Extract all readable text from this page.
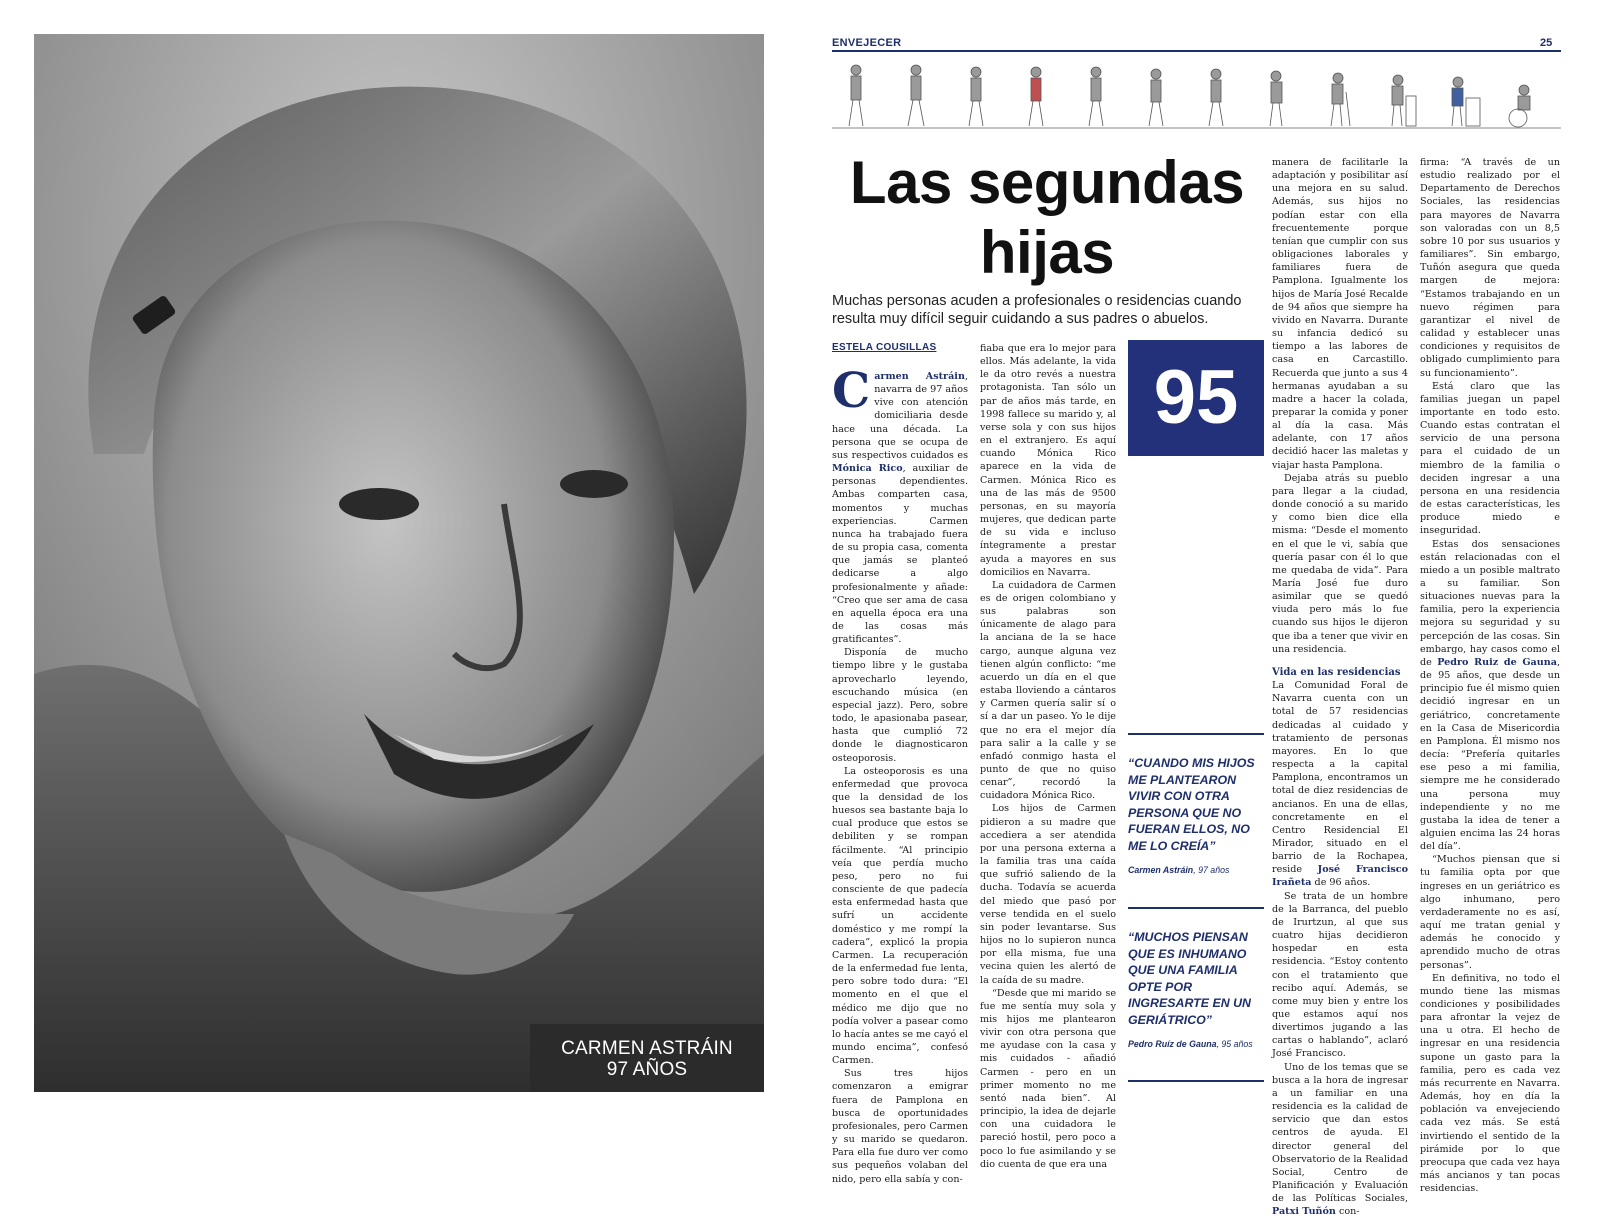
CARMEN ASTRÁIN
97 AÑOS
ENVEJECER	25
Las segundas hijas

Muchas personas acuden a profesionales o residencias cuando resulta muy difícil seguir cuidando a sus padres o abuelos.

ESTELA COUSILLAS

Carmen Astráin, navarra de 97 años vive con atención domiciliaria desde hace una década. La persona que se ocupa de sus respectivos cuidados es Mónica Rico, auxiliar de personas dependientes. Ambas comparten casa, momentos y muchas experiencias. Carmen nunca ha trabajado fuera de su propia casa, comenta que jamás se planteó dedicarse a algo profesionalmente y añade: “Creo que ser ama de casa en aquella época era una de las cosas más gratificantes”.

Disponía de mucho tiempo libre y le gustaba aprovecharlo leyendo, escuchando música (en especial jazz). Pero, sobre todo, le apasionaba pasear, hasta que cumplió 72 donde le diagnosticaron osteoporosis.

La osteoporosis es una enfermedad que provoca que la densidad de los huesos sea bastante baja lo cual produce que estos se debiliten y se rompan fácilmente. “Al principio veía que perdía mucho peso, pero no fui consciente de que padecía esta enfermedad hasta que sufrí un accidente doméstico y me rompí la cadera”, explicó la propia Carmen. La recuperación de la enfermedad fue lenta, pero sobre todo dura: “El momento en el que el médico me dijo que no podía volver a pasear como lo hacía antes se me cayó el mundo encima”, confesó Carmen.

Sus tres hijos comenzaron a emigrar fuera de Pamplona en busca de oportunidades profesionales, pero Carmen y su marido se quedaron. Para ella fue duro ver como sus pequeños volaban del nido, pero ella sabía y con-

fiaba que era lo mejor para ellos. Más adelante, la vida le da otro revés a nuestra protagonista. Tan sólo un par de años más tarde, en 1998 fallece su marido y, al verse sola y con sus hijos en el extranjero. Es aquí cuando Mónica Rico aparece en la vida de Carmen. Mónica Rico es una de las más de 9500 personas, en su mayoría mujeres, que dedican parte de su vida e incluso íntegramente a prestar ayuda a mayores en sus domicilios en Navarra.

La cuidadora de Carmen es de origen colombiano y sus palabras son únicamente de alago para la anciana de la se hace cargo, aunque alguna vez tienen algún conflicto: “me acuerdo un día en el que estaba lloviendo a cántaros y Carmen quería salir sí o sí a dar un paseo. Yo le dije que no era el mejor día para salir a la calle y se enfadó conmigo hasta el punto de que no quiso cenar”, recordó la cuidadora Mónica Rico.

Los hijos de Carmen pidieron a su madre que accediera a ser atendida por una persona externa a la familia tras una caída que sufrió saliendo de la ducha. Todavía se acuerda del miedo que pasó por verse tendida en el suelo sin poder levantarse. Sus hijos no lo supieron nunca por ella misma, fue una vecina quien les alertó de la caída de su madre.

“Desde que mi marido se fue me sentía muy sola y mis hijos me plantearon vivir con otra persona que me ayudase con la casa y mis cuidados - añadió Carmen - pero en un primer momento no me sentó nada bien”. Al principio, la idea de dejarle con una cuidadora le pareció hostil, pero poco a poco lo fue asimilando y se dio cuenta de que era una

95
“CUANDO MIS HIJOS ME PLANTEARON VIVIR CON OTRA PERSONA QUE NO FUERAN ELLOS, NO ME LO CREÍA”
Carmen Astráin, 97 años
“MUCHOS PIENSAN QUE ES INHUMANO QUE UNA FAMILIA OPTE POR INGRESARTE EN UN GERIÁTRICO”
Pedro Ruíz de Gauna, 95 años

manera de facilitarle la adaptación y posibilitar así una mejora en su salud. Además, sus hijos no podían estar con ella frecuentemente porque tenían que cumplir con sus obligaciones laborales y familiares fuera de Pamplona. Igualmente los hijos de María José Recalde de 94 años que siempre ha vivido en Navarra. Durante su infancia dedicó su tiempo a las labores de casa en Carcastillo. Recuerda que junto a sus 4 hermanas ayudaban a su madre a hacer la colada, preparar la comida y poner al día la casa. Más adelante, con 17 años decidió hacer las maletas y viajar hasta Pamplona.

Dejaba atrás su pueblo para llegar a la ciudad, donde conoció a su marido y como bien dice ella misma: “Desde el momento en el que le vi, sabía que quería pasar con él lo que me quedaba de vida”. Para María José fue duro asimilar que se quedó viuda pero más lo fue cuando sus hijos le dijeron que iba a tener que vivir en una residencia.

Vida en las residencias

La Comunidad Foral de Navarra cuenta con un total de 57 residencias dedicadas al cuidado y tratamiento de personas mayores. En lo que respecta a la capital Pamplona, encontramos un total de diez residencias de ancianos. En una de ellas, concretamente en el Centro Residencial El Mirador, situado en el barrio de la Rochapea, reside José Francisco Irañeta de 96 años.

Se trata de un hombre de la Barranca, del pueblo de Irurtzun, al que sus cuatro hijas decidieron hospedar en esta residencia. “Estoy contento con el tratamiento que recibo aquí. Además, se come muy bien y entre los que estamos aquí nos divertimos jugando a las cartas o hablando”, aclaró José Francisco.

Uno de los temas que se busca a la hora de ingresar a un familiar en una residencia es la calidad de servicio que dan estos centros de ayuda. El director general del Observatorio de la Realidad Social, Centro de Planificación y Evaluación de las Políticas Sociales, Patxi Tuñón con-

firma: “A través de un estudio realizado por el Departamento de Derechos Sociales, las residencias para mayores de Navarra son valoradas con un 8,5 sobre 10 por sus usuarios y familiares”. Sin embargo, Tuñón asegura que queda margen de mejora: “Estamos trabajando en un nuevo régimen para garantizar el nivel de calidad y establecer unas condiciones y requisitos de obligado cumplimiento para su funcionamiento”.

Está claro que las familias juegan un papel importante en todo esto. Cuando estas contratan el servicio de una persona para el cuidado de un miembro de la familia o deciden ingresar a una persona en una residencia de estas características, les produce miedo e inseguridad.

Estas dos sensaciones están relacionadas con el miedo a un posible maltrato a su familiar. Son situaciones nuevas para la familia, pero la experiencia mejora su seguridad y su percepción de las cosas. Sin embargo, hay casos como el de Pedro Ruiz de Gauna, de 95 años, que desde un principio fue él mismo quien decidió ingresar en un geriátrico, concretamente en la Casa de Misericordia en Pamplona. Él mismo nos decía: “Prefería quitarles ese peso a mi familia, siempre me he considerado una persona muy independiente y no me gustaba la idea de tener a alguien encima las 24 horas del día”.

“Muchos piensan que si tu familia opta por que ingreses en un geriátrico es algo inhumano, pero verdaderamente no es así, aquí me tratan genial y además he conocido y aprendido mucho de otras personas”.

En definitiva, no todo el mundo tiene las mismas condiciones y posibilidades para afrontar la vejez de una u otra. El hecho de ingresar en una residencia supone un gasto para la familia, pero es cada vez más recurrente en Navarra. Además, hoy en día la población va envejeciendo cada vez más. Se está invirtiendo el sentido de la pirámide por lo que preocupa que cada vez haya más ancianos y tan pocas residencias.
